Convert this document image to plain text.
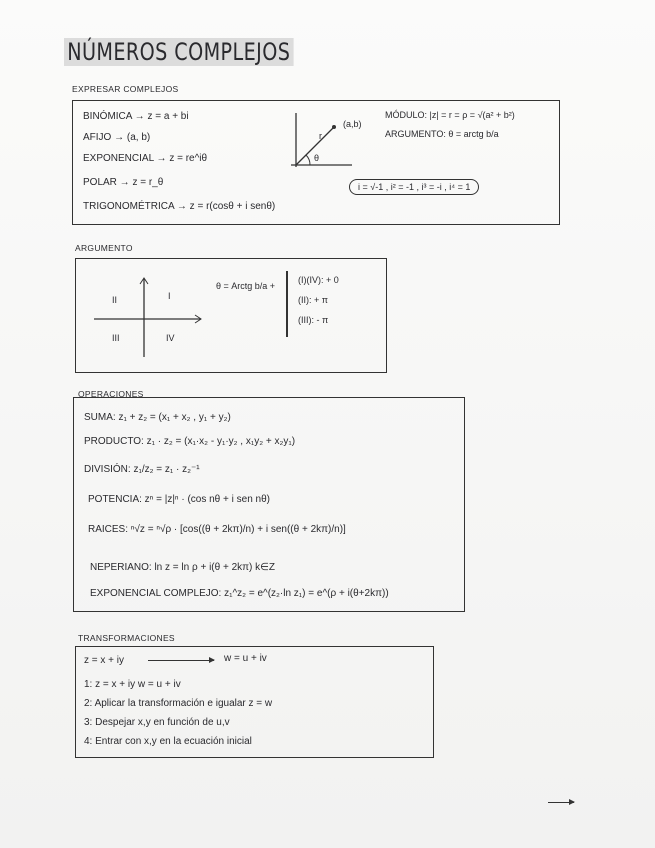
NÚMEROS COMPLEJOS
EXPRESAR COMPLEJOS
BINÓMICA → z = a + bi
AFIJO → (a, b)
EXPONENCIAL → z = re^iθ
POLAR → z = r_θ
TRIGONOMÉTRICA → z = r(cosθ + i senθ)
(a,b)
r
θ
MÓDULO: |z| = r = ρ = √(a² + b²)
ARGUMENTO: θ = arctg b/a
i = √-1 , i² = -1 , i³ = -i , i⁴ = 1
ARGUMENTO
I
II
III	IV
θ = Arctg b/a +
(I)(IV): + 0
(II): + π
(III): - π
OPERACIONES
SUMA: z₁ + z₂ = (x₁ + x₂ , y₁ + y₂)
PRODUCTO: z₁ · z₂ = (x₁·x₂ - y₁·y₂ , x₁y₂ + x₂y₁)
DIVISIÓN: z₁/z₂ = z₁ · z₂⁻¹
POTENCIA: zⁿ = |z|ⁿ · (cos nθ + i sen nθ)
RAICES: ⁿ√z = ⁿ√ρ · [cos((θ + 2kπ)/n) + i sen((θ + 2kπ)/n)]
NEPERIANO: ln z = ln ρ + i(θ + 2kπ) k∈Z
EXPONENCIAL COMPLEJO: z₁^z₂ = e^(z₂·ln z₁) = e^(ρ + i(θ+2kπ))
TRANSFORMACIONES
z = x + iy	w = u + iv
1: z = x + iy w = u + iv
2: Aplicar la transformación e igualar z = w
3: Despejar x,y en función de u,v
4: Entrar con x,y en la ecuación inicial
